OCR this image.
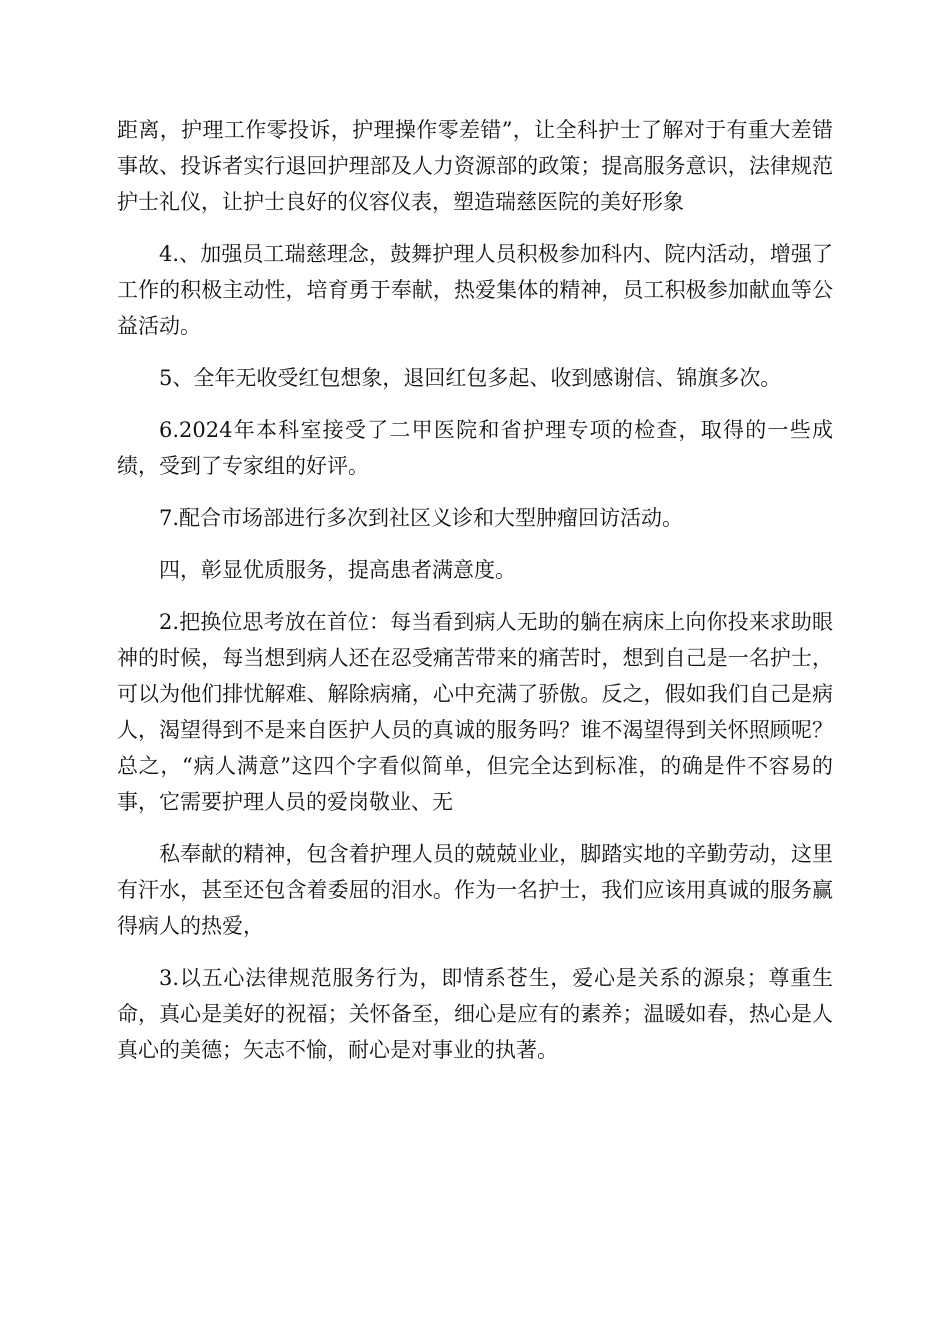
距离，护理工作零投诉，护理操作零差错”，让全科护士了解对于有重大差错事故、投诉者实行退回护理部及人力资源部的政策；提高服务意识，法律规范护士礼仪，让护士良好的仪容仪表，塑造瑞慈医院的美好形象

4.、加强员工瑞慈理念，鼓舞护理人员积极参加科内、院内活动，增强了工作的积极主动性，培育勇于奉献，热爱集体的精神，员工积极参加献血等公益活动。

5、全年无收受红包想象，退回红包多起、收到感谢信、锦旗多次。

6.2024年本科室接受了二甲医院和省护理专项的检查，取得的一些成绩，受到了专家组的好评。

7.配合市场部进行多次到社区义诊和大型肿瘤回访活动。

四，彰显优质服务，提高患者满意度。

2.把换位思考放在首位：每当看到病人无助的躺在病床上向你投来求助眼神的时候，每当想到病人还在忍受痛苦带来的痛苦时，想到自己是一名护士，可以为他们排忧解难、解除病痛，心中充满了骄傲。反之，假如我们自己是病人，渴望得到不是来自医护人员的真诚的服务吗？谁不渴望得到关怀照顾呢？总之，“病人满意”这四个字看似简单，但完全达到标准，的确是件不容易的事，它需要护理人员的爱岗敬业、无

私奉献的精神，包含着护理人员的兢兢业业，脚踏实地的辛勤劳动，这里有汗水，甚至还包含着委屈的泪水。作为一名护士，我们应该用真诚的服务赢得病人的热爱，

3.以五心法律规范服务行为，即情系苍生，爱心是关系的源泉；尊重生命，真心是美好的祝福；关怀备至，细心是应有的素养；温暖如春，热心是人真心的美德；矢志不愉，耐心是对事业的执著。
